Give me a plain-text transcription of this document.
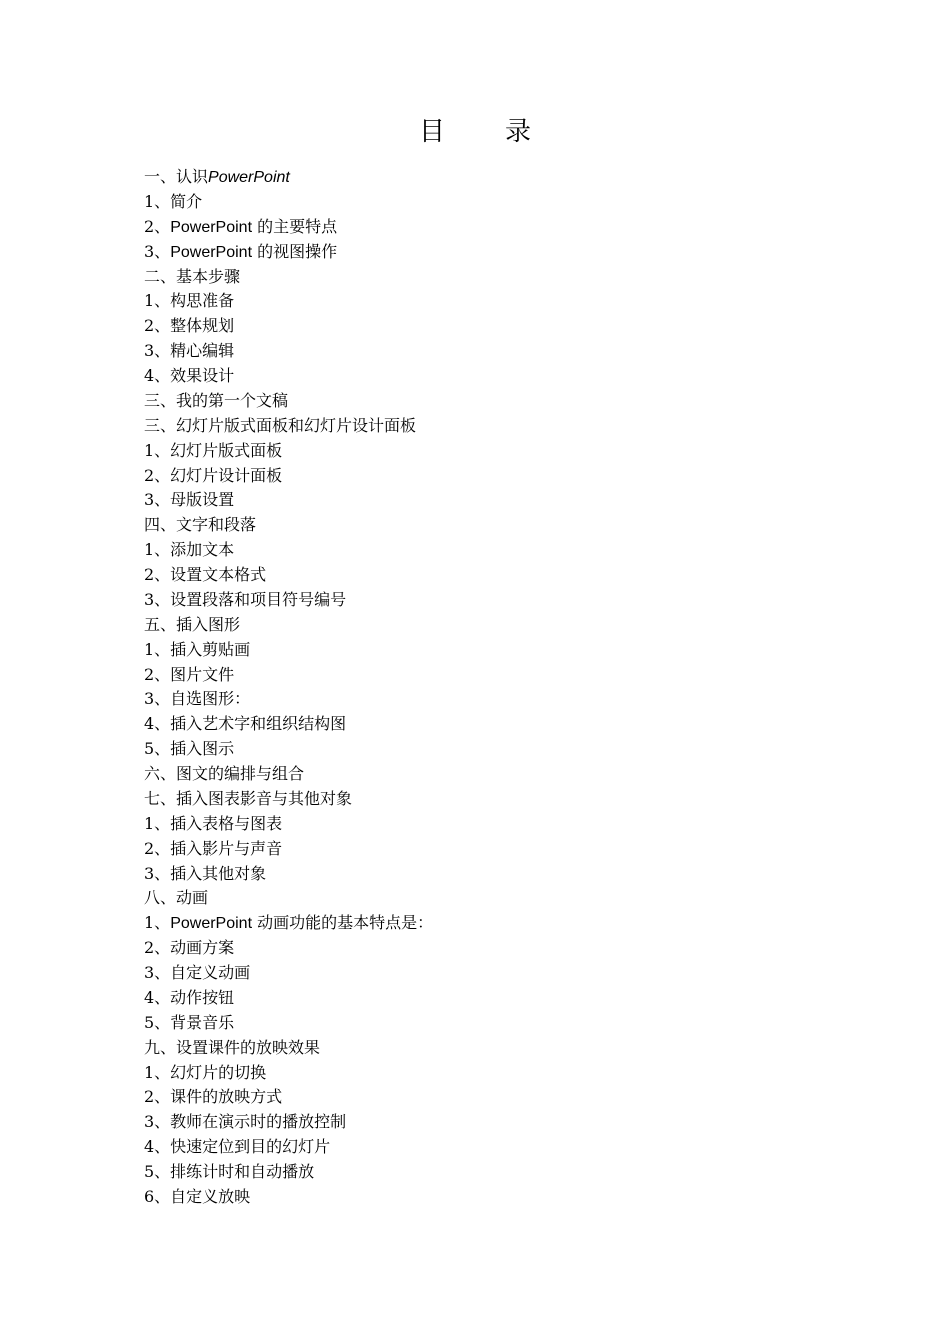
目 录
一、认识PowerPoint
1、简介
2、PowerPoint 的主要特点
3、PowerPoint 的视图操作
二、基本步骤
1、构思准备
2、整体规划
3、精心编辑
4、效果设计
三、我的第一个文稿
三、幻灯片版式面板和幻灯片设计面板
1、幻灯片版式面板
2、幻灯片设计面板
3、母版设置
四、文字和段落
1、添加文本
2、设置文本格式
3、设置段落和项目符号编号
五、插入图形
1、插入剪贴画
2、图片文件
3、自选图形：
4、插入艺术字和组织结构图
5、插入图示
六、图文的编排与组合
七、插入图表影音与其他对象
1、插入表格与图表
2、插入影片与声音
3、插入其他对象
八、动画
1、PowerPoint 动画功能的基本特点是：
2、动画方案
3、自定义动画
4、动作按钮
5、背景音乐
九、设置课件的放映效果
1、幻灯片的切换
2、课件的放映方式
3、教师在演示时的播放控制
4、快速定位到目的幻灯片
5、排练计时和自动播放
6、自定义放映
